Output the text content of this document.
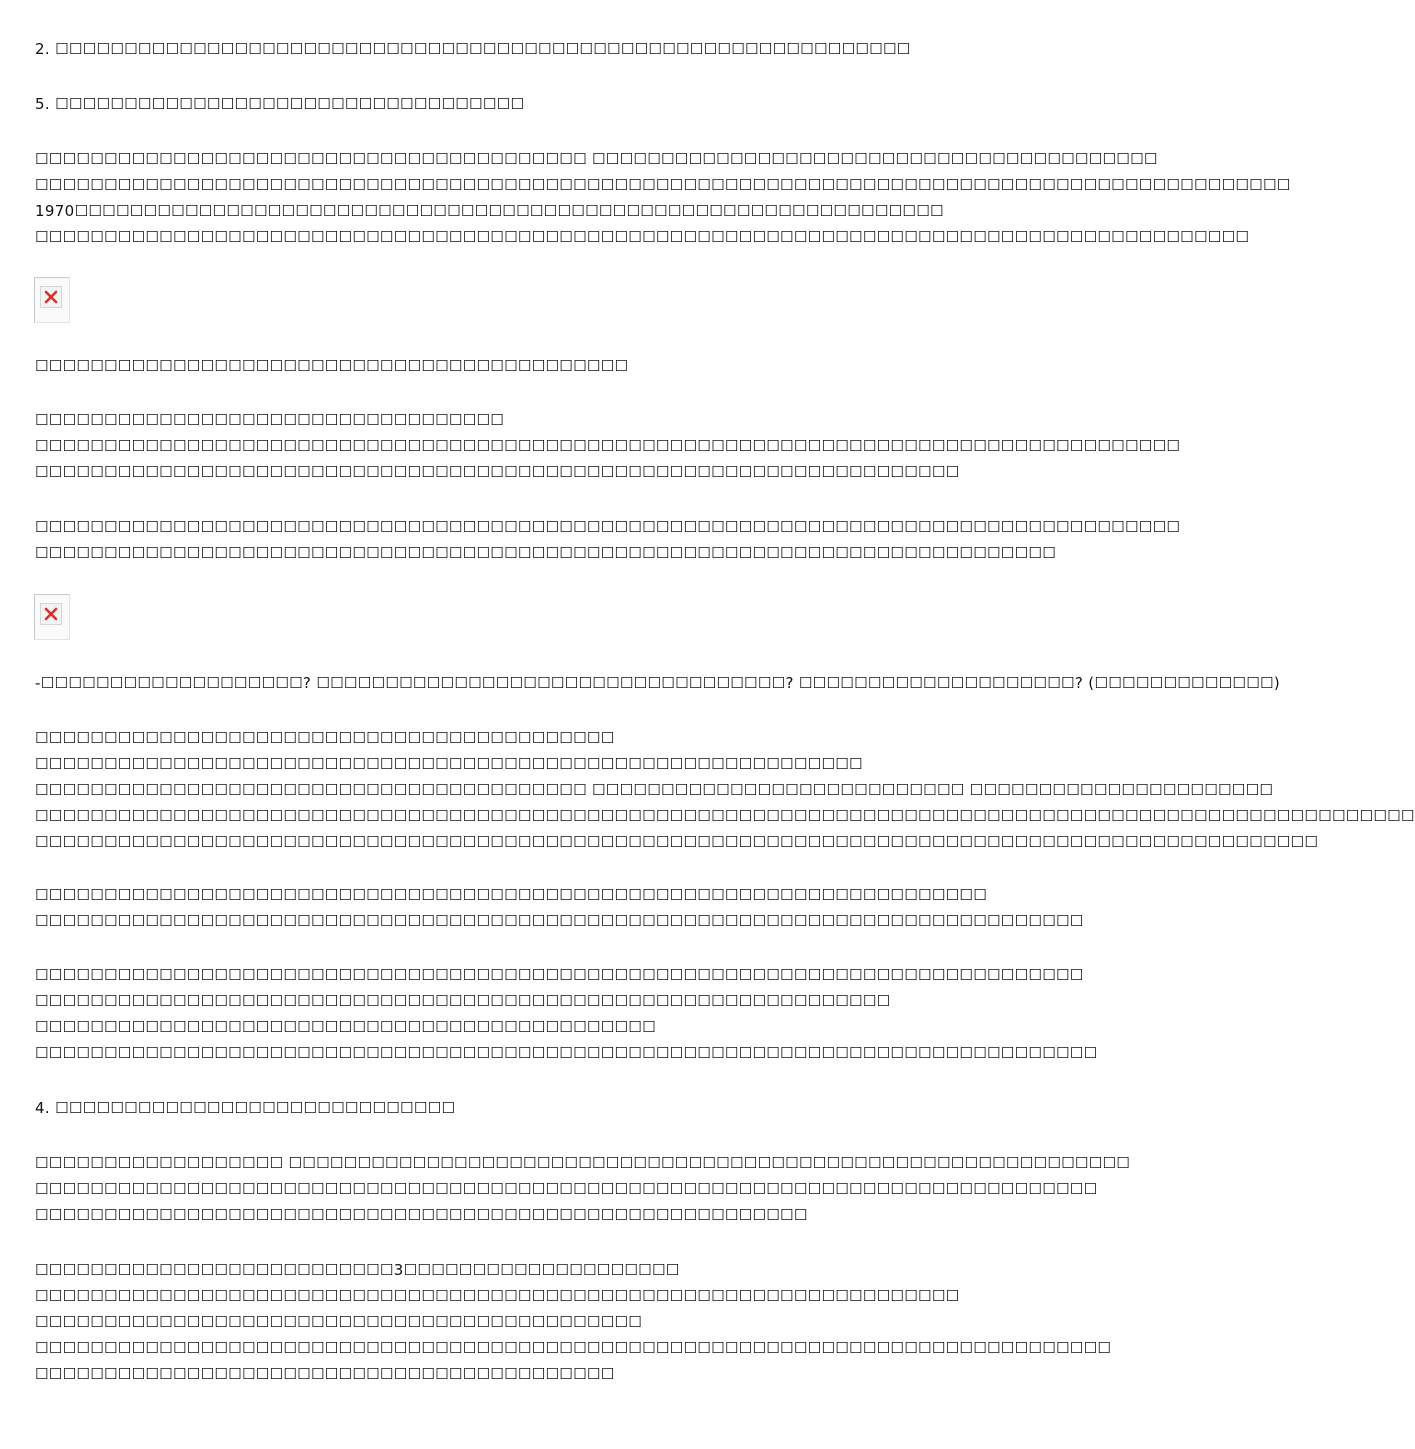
2. ☐☐☐☐☐☐☐☐☐☐☐☐☐☐☐☐☐☐☐☐☐☐☐☐☐☐☐☐☐☐☐☐☐☐☐☐☐☐☐☐☐☐☐☐☐☐☐☐☐☐☐☐☐☐☐☐☐☐☐☐☐☐
5. ☐☐☐☐☐☐☐☐☐☐☐☐☐☐☐☐☐☐☐☐☐☐☐☐☐☐☐☐☐☐☐☐☐☐
☐☐☐☐☐☐☐☐☐☐☐☐☐☐☐☐☐☐☐☐☐☐☐☐☐☐☐☐☐☐☐☐☐☐☐☐☐☐☐☐ ☐☐☐☐☐☐☐☐☐☐☐☐☐☐☐☐☐☐☐☐☐☐☐☐☐☐☐☐☐☐☐☐☐☐☐☐☐☐☐☐☐
☐☐☐☐☐☐☐☐☐☐☐☐☐☐☐☐☐☐☐☐☐☐☐☐☐☐☐☐☐☐☐☐☐☐☐☐☐☐☐☐☐☐☐☐☐☐☐☐☐☐☐☐☐☐☐☐☐☐☐☐☐☐☐☐☐☐☐☐☐☐☐☐☐☐☐☐☐☐☐☐☐☐☐☐☐☐☐☐☐☐☐
1970☐☐☐☐☐☐☐☐☐☐☐☐☐☐☐☐☐☐☐☐☐☐☐☐☐☐☐☐☐☐☐☐☐☐☐☐☐☐☐☐☐☐☐☐☐☐☐☐☐☐☐☐☐☐☐☐☐☐☐☐☐☐☐
☐☐☐☐☐☐☐☐☐☐☐☐☐☐☐☐☐☐☐☐☐☐☐☐☐☐☐☐☐☐☐☐☐☐☐☐☐☐☐☐☐☐☐☐☐☐☐☐☐☐☐☐☐☐☐☐☐☐☐☐☐☐☐☐☐☐☐☐☐☐☐☐☐☐☐☐☐☐☐☐☐☐☐☐☐☐☐☐
☐☐☐☐☐☐☐☐☐☐☐☐☐☐☐☐☐☐☐☐☐☐☐☐☐☐☐☐☐☐☐☐☐☐☐☐☐☐☐☐☐☐☐
☐☐☐☐☐☐☐☐☐☐☐☐☐☐☐☐☐☐☐☐☐☐☐☐☐☐☐☐☐☐☐☐☐☐
☐☐☐☐☐☐☐☐☐☐☐☐☐☐☐☐☐☐☐☐☐☐☐☐☐☐☐☐☐☐☐☐☐☐☐☐☐☐☐☐☐☐☐☐☐☐☐☐☐☐☐☐☐☐☐☐☐☐☐☐☐☐☐☐☐☐☐☐☐☐☐☐☐☐☐☐☐☐☐☐☐☐☐
☐☐☐☐☐☐☐☐☐☐☐☐☐☐☐☐☐☐☐☐☐☐☐☐☐☐☐☐☐☐☐☐☐☐☐☐☐☐☐☐☐☐☐☐☐☐☐☐☐☐☐☐☐☐☐☐☐☐☐☐☐☐☐☐☐☐☐
☐☐☐☐☐☐☐☐☐☐☐☐☐☐☐☐☐☐☐☐☐☐☐☐☐☐☐☐☐☐☐☐☐☐☐☐☐☐☐☐☐☐☐☐☐☐☐☐☐☐☐☐☐☐☐☐☐☐☐☐☐☐☐☐☐☐☐☐☐☐☐☐☐☐☐☐☐☐☐☐☐☐☐
☐☐☐☐☐☐☐☐☐☐☐☐☐☐☐☐☐☐☐☐☐☐☐☐☐☐☐☐☐☐☐☐☐☐☐☐☐☐☐☐☐☐☐☐☐☐☐☐☐☐☐☐☐☐☐☐☐☐☐☐☐☐☐☐☐☐☐☐☐☐☐☐☐☐
-☐☐☐☐☐☐☐☐☐☐☐☐☐☐☐☐☐☐☐? ☐☐☐☐☐☐☐☐☐☐☐☐☐☐☐☐☐☐☐☐☐☐☐☐☐☐☐☐☐☐☐☐☐☐? ☐☐☐☐☐☐☐☐☐☐☐☐☐☐☐☐☐☐☐☐? (☐☐☐☐☐☐☐☐☐☐☐☐☐)
☐☐☐☐☐☐☐☐☐☐☐☐☐☐☐☐☐☐☐☐☐☐☐☐☐☐☐☐☐☐☐☐☐☐☐☐☐☐☐☐☐☐
☐☐☐☐☐☐☐☐☐☐☐☐☐☐☐☐☐☐☐☐☐☐☐☐☐☐☐☐☐☐☐☐☐☐☐☐☐☐☐☐☐☐☐☐☐☐☐☐☐☐☐☐☐☐☐☐☐☐☐☐
☐☐☐☐☐☐☐☐☐☐☐☐☐☐☐☐☐☐☐☐☐☐☐☐☐☐☐☐☐☐☐☐☐☐☐☐☐☐☐☐ ☐☐☐☐☐☐☐☐☐☐☐☐☐☐☐☐☐☐☐☐☐☐☐☐☐☐☐ ☐☐☐☐☐☐☐☐☐☐☐☐☐☐☐☐☐☐☐☐☐☐
☐☐☐☐☐☐☐☐☐☐☐☐☐☐☐☐☐☐☐☐☐☐☐☐☐☐☐☐☐☐☐☐☐☐☐☐☐☐☐☐☐☐☐☐☐☐☐☐☐☐☐☐☐☐☐☐☐☐☐☐☐☐☐☐☐☐☐☐☐☐☐☐☐☐☐☐☐☐☐☐☐☐☐☐☐☐☐☐☐☐☐☐☐☐☐☐☐☐☐☐
☐☐☐☐☐☐☐☐☐☐☐☐☐☐☐☐☐☐☐☐☐☐☐☐☐☐☐☐☐☐☐☐☐☐☐☐☐☐☐☐☐☐☐☐☐☐☐☐☐☐☐☐☐☐☐☐☐☐☐☐☐☐☐☐☐☐☐☐☐☐☐☐☐☐☐☐☐☐☐☐☐☐☐☐☐☐☐☐☐☐☐☐☐
☐☐☐☐☐☐☐☐☐☐☐☐☐☐☐☐☐☐☐☐☐☐☐☐☐☐☐☐☐☐☐☐☐☐☐☐☐☐☐☐☐☐☐☐☐☐☐☐☐☐☐☐☐☐☐☐☐☐☐☐☐☐☐☐☐☐☐☐☐
☐☐☐☐☐☐☐☐☐☐☐☐☐☐☐☐☐☐☐☐☐☐☐☐☐☐☐☐☐☐☐☐☐☐☐☐☐☐☐☐☐☐☐☐☐☐☐☐☐☐☐☐☐☐☐☐☐☐☐☐☐☐☐☐☐☐☐☐☐☐☐☐☐☐☐☐
☐☐☐☐☐☐☐☐☐☐☐☐☐☐☐☐☐☐☐☐☐☐☐☐☐☐☐☐☐☐☐☐☐☐☐☐☐☐☐☐☐☐☐☐☐☐☐☐☐☐☐☐☐☐☐☐☐☐☐☐☐☐☐☐☐☐☐☐☐☐☐☐☐☐☐☐
☐☐☐☐☐☐☐☐☐☐☐☐☐☐☐☐☐☐☐☐☐☐☐☐☐☐☐☐☐☐☐☐☐☐☐☐☐☐☐☐☐☐☐☐☐☐☐☐☐☐☐☐☐☐☐☐☐☐☐☐☐☐
☐☐☐☐☐☐☐☐☐☐☐☐☐☐☐☐☐☐☐☐☐☐☐☐☐☐☐☐☐☐☐☐☐☐☐☐☐☐☐☐☐☐☐☐☐
☐☐☐☐☐☐☐☐☐☐☐☐☐☐☐☐☐☐☐☐☐☐☐☐☐☐☐☐☐☐☐☐☐☐☐☐☐☐☐☐☐☐☐☐☐☐☐☐☐☐☐☐☐☐☐☐☐☐☐☐☐☐☐☐☐☐☐☐☐☐☐☐☐☐☐☐☐
4. ☐☐☐☐☐☐☐☐☐☐☐☐☐☐☐☐☐☐☐☐☐☐☐☐☐☐☐☐☐
☐☐☐☐☐☐☐☐☐☐☐☐☐☐☐☐☐☐ ☐☐☐☐☐☐☐☐☐☐☐☐☐☐☐☐☐☐☐☐☐☐☐☐☐☐☐☐☐☐☐☐☐☐☐☐☐☐☐☐☐☐☐☐☐☐☐☐☐☐☐☐☐☐☐☐☐☐☐☐☐
☐☐☐☐☐☐☐☐☐☐☐☐☐☐☐☐☐☐☐☐☐☐☐☐☐☐☐☐☐☐☐☐☐☐☐☐☐☐☐☐☐☐☐☐☐☐☐☐☐☐☐☐☐☐☐☐☐☐☐☐☐☐☐☐☐☐☐☐☐☐☐☐☐☐☐☐☐
☐☐☐☐☐☐☐☐☐☐☐☐☐☐☐☐☐☐☐☐☐☐☐☐☐☐☐☐☐☐☐☐☐☐☐☐☐☐☐☐☐☐☐☐☐☐☐☐☐☐☐☐☐☐☐☐
☐☐☐☐☐☐☐☐☐☐☐☐☐☐☐☐☐☐☐☐☐☐☐☐☐☐3☐☐☐☐☐☐☐☐☐☐☐☐☐☐☐☐☐☐☐☐
☐☐☐☐☐☐☐☐☐☐☐☐☐☐☐☐☐☐☐☐☐☐☐☐☐☐☐☐☐☐☐☐☐☐☐☐☐☐☐☐☐☐☐☐☐☐☐☐☐☐☐☐☐☐☐☐☐☐☐☐☐☐☐☐☐☐☐
☐☐☐☐☐☐☐☐☐☐☐☐☐☐☐☐☐☐☐☐☐☐☐☐☐☐☐☐☐☐☐☐☐☐☐☐☐☐☐☐☐☐☐☐
☐☐☐☐☐☐☐☐☐☐☐☐☐☐☐☐☐☐☐☐☐☐☐☐☐☐☐☐☐☐☐☐☐☐☐☐☐☐☐☐☐☐☐☐☐☐☐☐☐☐☐☐☐☐☐☐☐☐☐☐☐☐☐☐☐☐☐☐☐☐☐☐☐☐☐☐☐☐
☐☐☐☐☐☐☐☐☐☐☐☐☐☐☐☐☐☐☐☐☐☐☐☐☐☐☐☐☐☐☐☐☐☐☐☐☐☐☐☐☐☐
